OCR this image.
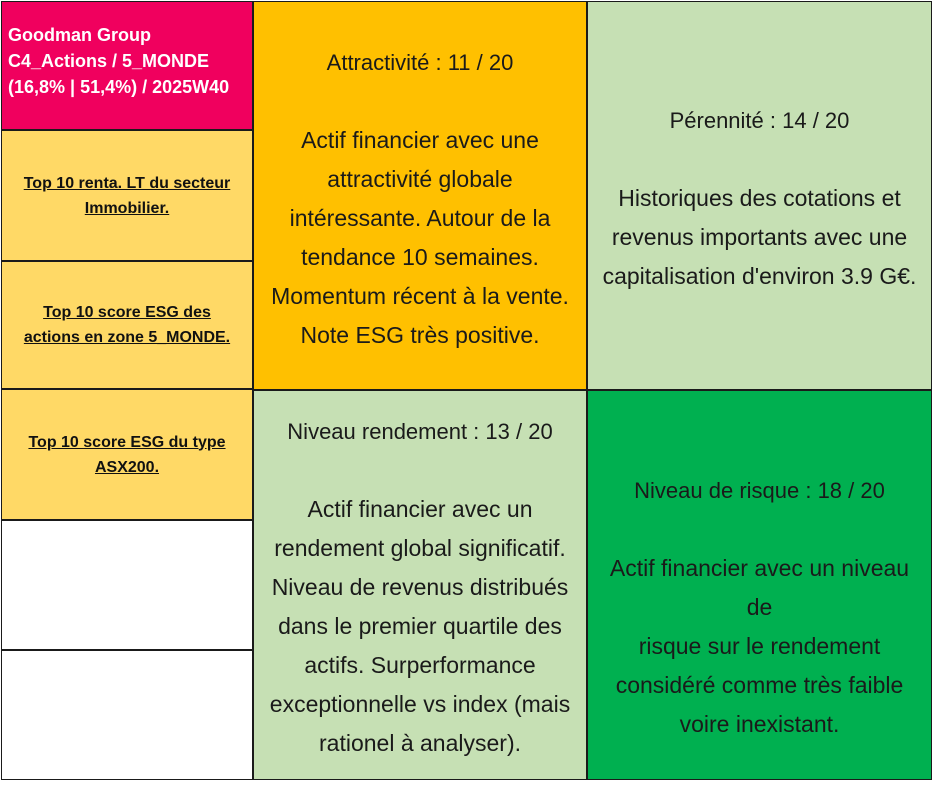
Goodman Group
C4_Actions / 5_MONDE
(16,8% | 51,4%) / 2025W40
Top 10 renta. LT du secteur
Immobilier.
Top 10 score ESG des
actions en zone 5_MONDE.
Top 10 score ESG du type
ASX200.
Attractivité : 11 / 20
Actif financier avec une
attractivité globale
intéressante. Autour de la
tendance 10 semaines.
Momentum récent à la vente.
Note ESG très positive.
Pérennité : 14 / 20
Historiques des cotations et
revenus importants avec une
capitalisation d'environ 3.9 G€.
Niveau rendement : 13 / 20
Actif financier avec un
rendement global significatif.
Niveau de revenus distribués
dans le premier quartile des
actifs. Surperformance
exceptionnelle vs index (mais
rationel à analyser).
Niveau de risque : 18 / 20
Actif financier avec un niveau de
risque sur le rendement
considéré comme très faible
voire inexistant.
